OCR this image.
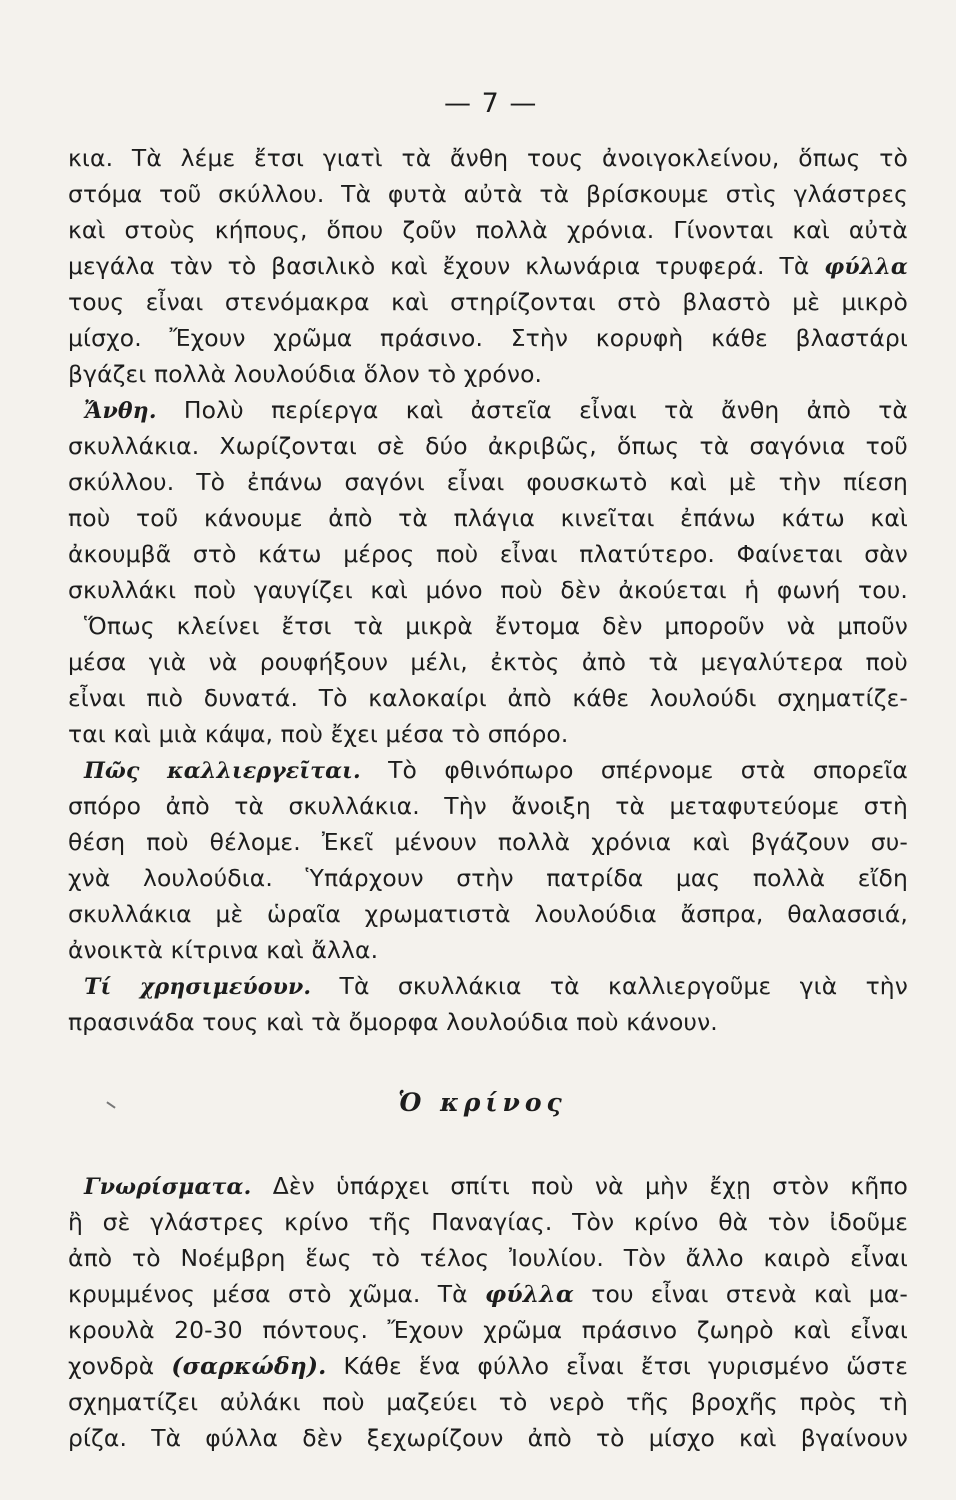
— 7 —
κια. Τὰ λέμε ἔτσι γιατὶ τὰ ἄνθη τους ἀνοιγοκλείνου, ὅπως τὸ
στόμα τοῦ σκύλλου. Τὰ φυτὰ αὐτὰ τὰ βρίσκουμε στὶς γλάστρες
καὶ στοὺς κήπους, ὅπου ζοῦν πολλὰ χρόνια. Γίνονται καὶ αὐτὰ
μεγάλα τὰν τὸ βασιλικὸ καὶ ἔχουν κλωνάρια τρυφερά. Τὰ φύλλα
τους εἶναι στενόμακρα καὶ στηρίζονται στὸ βλαστὸ μὲ μικρὸ
μίσχο. Ἔχουν χρῶμα πράσινο. Στὴν κορυφὴ κάθε βλαστάρι
βγάζει πολλὰ λουλούδια ὅλον τὸ χρόνο.
Ἄνθη. Πολὺ περίεργα καὶ ἀστεῖα εἶναι τὰ ἄνθη ἀπὸ τὰ
σκυλλάκια. Χωρίζονται σὲ δύο ἀκριβῶς, ὅπως τὰ σαγόνια τοῦ
σκύλλου. Τὸ ἐπάνω σαγόνι εἶναι φουσκωτὸ καὶ μὲ τὴν πίεση
ποὺ τοῦ κάνουμε ἀπὸ τὰ πλάγια κινεῖται ἐπάνω κάτω καὶ
ἀκουμβᾶ στὸ κάτω μέρος ποὺ εἶναι πλατύτερο. Φαίνεται σὰν
σκυλλάκι ποὺ γαυγίζει καὶ μόνο ποὺ δὲν ἀκούεται ἡ φωνή του.
Ὅπως κλείνει ἔτσι τὰ μικρὰ ἔντομα δὲν μποροῦν νὰ μποῦν
μέσα γιὰ νὰ ρουφήξουν μέλι, ἐκτὸς ἀπὸ τὰ μεγαλύτερα ποὺ
εἶναι πιὸ δυνατά. Τὸ καλοκαίρι ἀπὸ κάθε λουλούδι σχηματίζε-
ται καὶ μιὰ κάψα, ποὺ ἔχει μέσα τὸ σπόρο.
Πῶς καλλιεργεῖται. Τὸ φθινόπωρο σπέρνομε στὰ σπορεῖα
σπόρο ἀπὸ τὰ σκυλλάκια. Τὴν ἄνοιξη τὰ μεταφυτεύομε στὴ
θέση ποὺ θέλομε. Ἐκεῖ μένουν πολλὰ χρόνια καὶ βγάζουν συ-
χνὰ λουλούδια. Ὑπάρχουν στὴν πατρίδα μας πολλὰ εἴδη
σκυλλάκια μὲ ὡραῖα χρωματιστὰ λουλούδια ἄσπρα, θαλασσιά,
ἀνοικτὰ κίτρινα καὶ ἄλλα.
Τί χρησιμεύουν. Τὰ σκυλλάκια τὰ καλλιεργοῦμε γιὰ τὴν
πρασινάδα τους καὶ τὰ ὄμορφα λουλούδια ποὺ κάνουν.
Ὁ κρίνος
Γνωρίσματα. Δὲν ὑπάρχει σπίτι ποὺ νὰ μὴν ἔχῃ στὸν κῆπο
ἢ σὲ γλάστρες κρίνο τῆς Παναγίας. Τὸν κρίνο θὰ τὸν ἰδοῦμε
ἀπὸ τὸ Νοέμβρη ἕως τὸ τέλος Ἰουλίου. Τὸν ἄλλο καιρὸ εἶναι
κρυμμένος μέσα στὸ χῶμα. Τὰ φύλλα του εἶναι στενὰ καὶ μα-
κρουλὰ 20-30 πόντους. Ἔχουν χρῶμα πράσινο ζωηρὸ καὶ εἶναι
χονδρὰ (σαρκώδη). Κάθε ἕνα φύλλο εἶναι ἔτσι γυρισμένο ὥστε
σχηματίζει αὐλάκι ποὺ μαζεύει τὸ νερὸ τῆς βροχῆς πρὸς τὴ
ρίζα. Τὰ φύλλα δὲν ξεχωρίζουν ἀπὸ τὸ μίσχο καὶ βγαίνουν
